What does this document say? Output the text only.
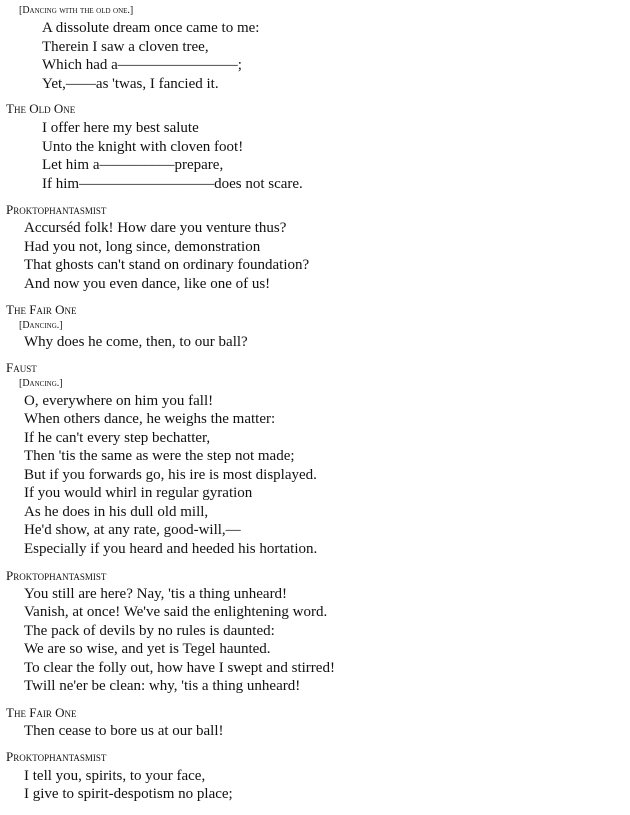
[Dancing with the old one.]
A dissolute dream once came to me:
Therein I saw a cloven tree,
Which had a————————;
Yet,——as 'twas, I fancied it.
The Old One
I offer here my best salute
Unto the knight with cloven foot!
Let him a—————prepare,
If him—————————does not scare.
Proktophantasmist
Accurséd folk! How dare you venture thus?
Had you not, long since, demonstration
That ghosts can't stand on ordinary foundation?
And now you even dance, like one of us!
The Fair One
[Dancing.]
Why does he come, then, to our ball?
Faust
[Dancing.]
O, everywhere on him you fall!
When others dance, he weighs the matter:
If he can't every step bechatter,
Then 'tis the same as were the step not made;
But if you forwards go, his ire is most displayed.
If you would whirl in regular gyration
As he does in his dull old mill,
He'd show, at any rate, good-will,—
Especially if you heard and heeded his hortation.
Proktophantasmist
You still are here? Nay, 'tis a thing unheard!
Vanish, at once! We've said the enlightening word.
The pack of devils by no rules is daunted:
We are so wise, and yet is Tegel haunted.
To clear the folly out, how have I swept and stirred!
Twill ne'er be clean: why, 'tis a thing unheard!
The Fair One
Then cease to bore us at our ball!
Proktophantasmist
I tell you, spirits, to your face,
I give to spirit-despotism no place;
